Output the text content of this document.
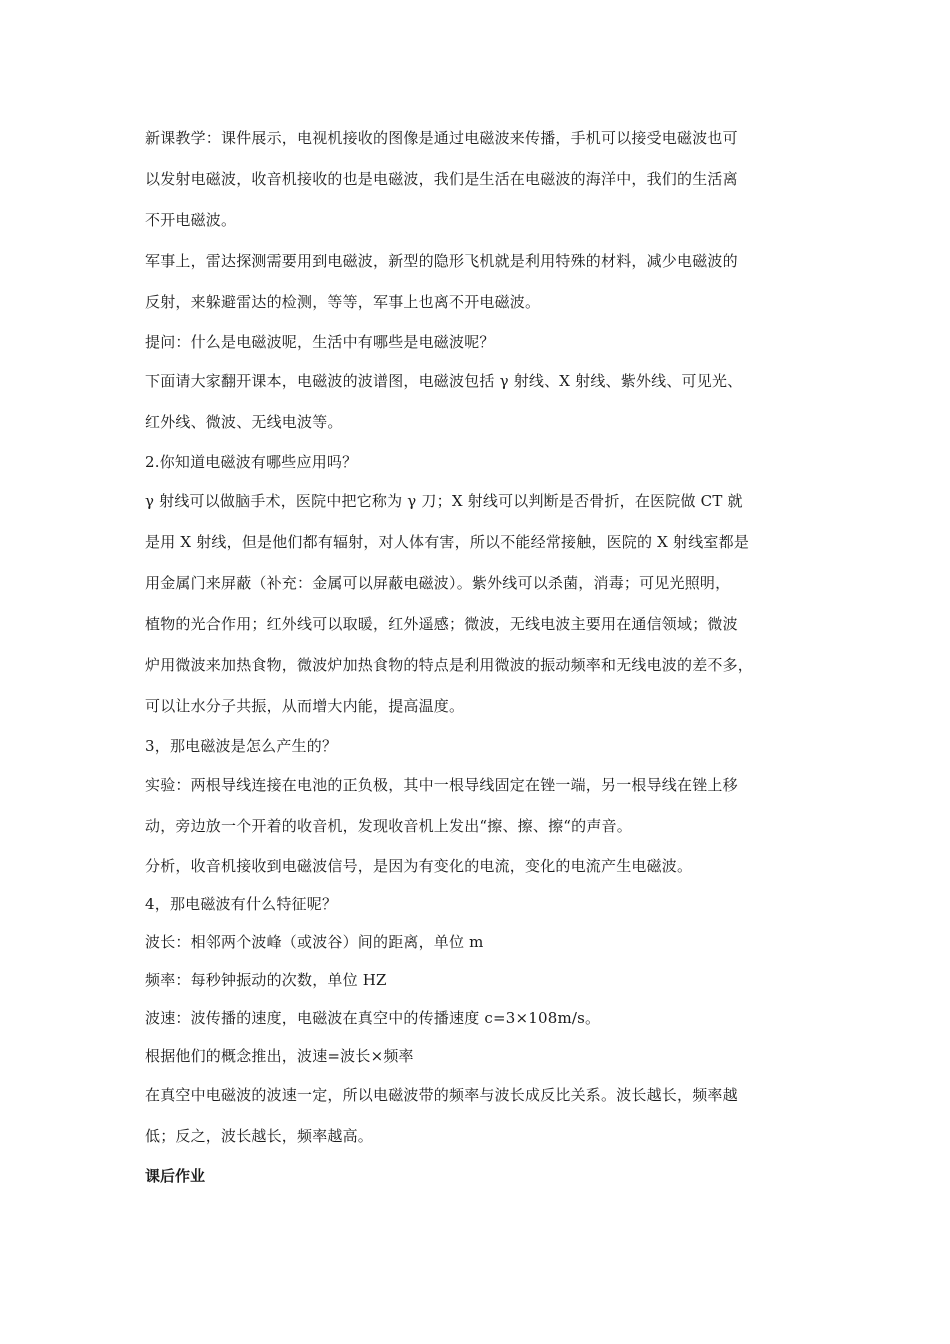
新课教学：课件展示，电视机接收的图像是通过电磁波来传播，手机可以接受电磁波也可
以发射电磁波，收音机接收的也是电磁波，我们是生活在电磁波的海洋中，我们的生活离
不开电磁波。

军事上，雷达探测需要用到电磁波，新型的隐形飞机就是利用特殊的材料，减少电磁波的
反射，来躲避雷达的检测，等等，军事上也离不开电磁波。

提问：什么是电磁波呢，生活中有哪些是电磁波呢？

下面请大家翻开课本，电磁波的波谱图，电磁波包括 γ 射线、X 射线、紫外线、可见光、
红外线、微波、无线电波等。

2.你知道电磁波有哪些应用吗？

γ 射线可以做脑手术，医院中把它称为 γ 刀；X 射线可以判断是否骨折，在医院做 CT 就
是用 X 射线，但是他们都有辐射，对人体有害，所以不能经常接触，医院的 X 射线室都是
用金属门来屏蔽（补充：金属可以屏蔽电磁波）。紫外线可以杀菌，消毒；可见光照明，
植物的光合作用；红外线可以取暖，红外遥感；微波，无线电波主要用在通信领域；微波
炉用微波来加热食物，微波炉加热食物的特点是利用微波的振动频率和无线电波的差不多，
可以让水分子共振，从而增大内能，提高温度。

3，那电磁波是怎么产生的？

实验：两根导线连接在电池的正负极，其中一根导线固定在锉一端，另一根导线在锉上移
动，旁边放一个开着的收音机，发现收音机上发出“擦、擦、擦“的声音。

分析，收音机接收到电磁波信号，是因为有变化的电流，变化的电流产生电磁波。

4，那电磁波有什么特征呢？

波长：相邻两个波峰（或波谷）间的距离，单位 m

频率：每秒钟振动的次数，单位 HZ

波速：波传播的速度，电磁波在真空中的传播速度 c=3×108m/s。

根据他们的概念推出，波速=波长×频率

在真空中电磁波的波速一定，所以电磁波带的频率与波长成反比关系。波长越长，频率越
低；反之，波长越长，频率越高。

课后作业
